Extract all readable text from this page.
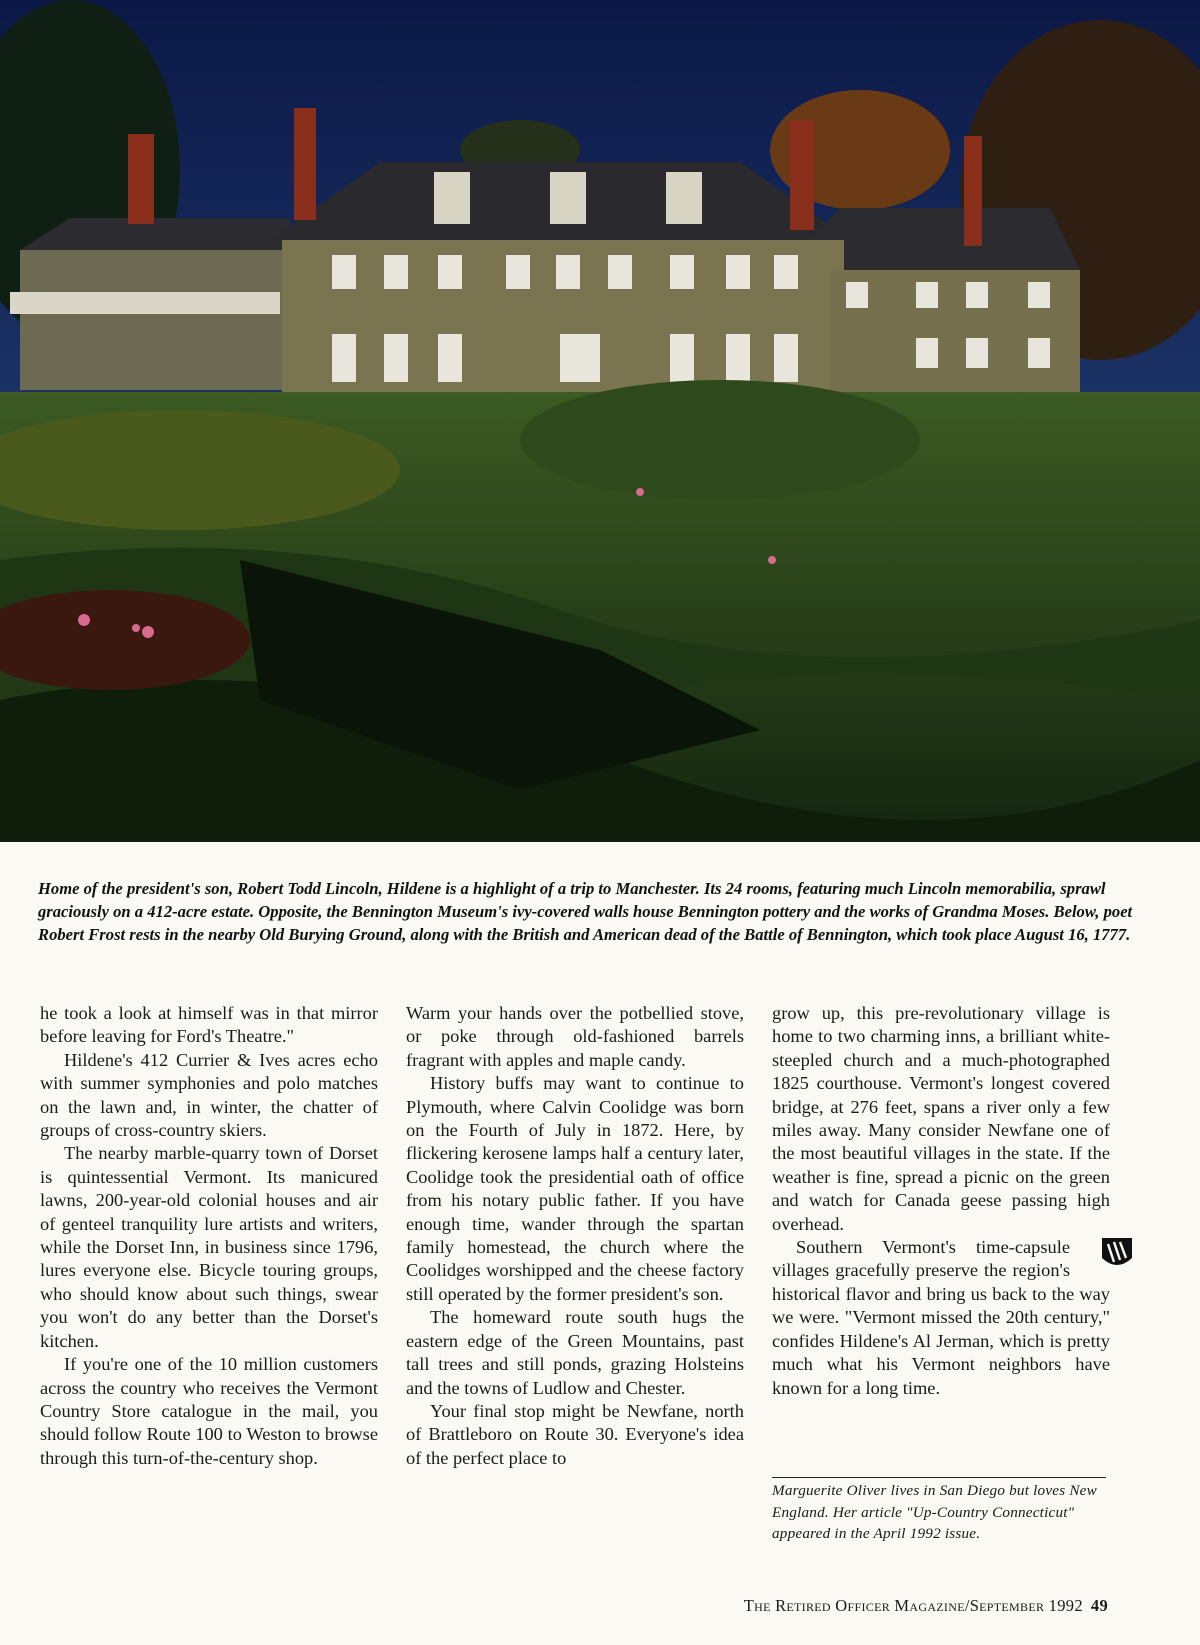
Home of the president's son, Robert Todd Lincoln, Hildene is a highlight of a trip to Manchester. Its 24 rooms, featuring much Lincoln memorabilia, sprawl graciously on a 412-acre estate. Opposite, the Bennington Museum's ivy-covered walls house Bennington pottery and the works of Grandma Moses. Below, poet Robert Frost rests in the nearby Old Burying Ground, along with the British and American dead of the Battle of Bennington, which took place August 16, 1777.

he took a look at himself was in that mirror before leaving for Ford's Theatre."

Hildene's 412 Currier & Ives acres echo with summer symphonies and polo matches on the lawn and, in winter, the chatter of groups of cross-country skiers.

The nearby marble-quarry town of Dorset is quintessential Vermont. Its manicured lawns, 200-year-old colonial houses and air of genteel tranquility lure artists and writers, while the Dorset Inn, in business since 1796, lures everyone else. Bicycle touring groups, who should know about such things, swear you won't do any better than the Dorset's kitchen.

If you're one of the 10 million customers across the country who receives the Vermont Country Store catalogue in the mail, you should follow Route 100 to Weston to browse through this turn-of-the-century shop.

Warm your hands over the potbellied stove, or poke through old-fashioned barrels fragrant with apples and maple candy.

History buffs may want to continue to Plymouth, where Calvin Coolidge was born on the Fourth of July in 1872. Here, by flickering kerosene lamps half a century later, Coolidge took the presidential oath of office from his notary public father. If you have enough time, wander through the spartan family homestead, the church where the Coolidges worshipped and the cheese factory still operated by the former president's son.

The homeward route south hugs the eastern edge of the Green Mountains, past tall trees and still ponds, grazing Holsteins and the towns of Ludlow and Chester.

Your final stop might be Newfane, north of Brattleboro on Route 30. Everyone's idea of the perfect place to

grow up, this pre-revolutionary village is home to two charming inns, a brilliant white-steepled church and a much-photographed 1825 courthouse. Vermont's longest covered bridge, at 276 feet, spans a river only a few miles away. Many consider Newfane one of the most beautiful villages in the state. If the weather is fine, spread a picnic on the green and watch for Canada geese passing high overhead.

Southern Vermont's time-capsule villages gracefully preserve the region's historical flavor and bring us back to the way we were. "Vermont missed the 20th century," confides Hildene's Al Jerman, which is pretty much what his Vermont neighbors have known for a long time.

Marguerite Oliver lives in San Diego but loves New England. Her article "Up-Country Connecticut" appeared in the April 1992 issue.
The Retired Officer Magazine/September 1992 49
